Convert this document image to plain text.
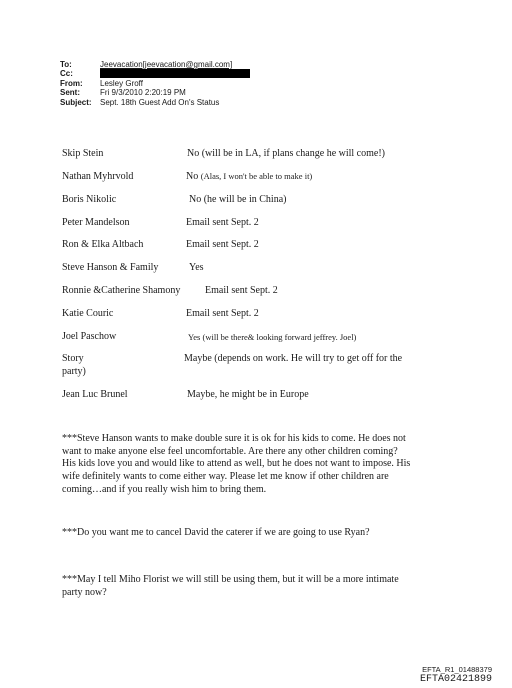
To:	Jeevacation[jeevacation@gmail.com]
Cc:
From:	Lesley Groff
Sent:	Fri 9/3/2010 2:20:19 PM
Subject:	Sept. 18th Guest Add On's Status
Skip Stein	No (will be in LA, if plans change he will come!)
Nathan Myhrvold	No (Alas, I won't be able to make it)
Boris Nikolic	No (he will be in China)
Peter Mandelson	Email sent Sept. 2
Ron & Elka Altbach	Email sent Sept. 2
Steve Hanson & Family	Yes
Ronnie &Catherine Shamony Email sent Sept. 2
Katie Couric	Email sent Sept. 2
Joel Paschow	Yes (will be there& looking forward jeffrey. Joel)
Story	Maybe (depends on work. He will try to get off for the
party)
Jean Luc Brunel	Maybe, he might be in Europe
***Steve Hanson wants to make double sure it is ok for his kids to come. He does not
want to make anyone else feel uncomfortable. Are there any other children coming?
His kids love you and would like to attend as well, but he does not want to impose. His
wife definitely wants to come either way. Please let me know if other children are
coming…and if you really wish him to bring them.
***Do you want me to cancel David the caterer if we are going to use Ryan?
***May I tell Miho Florist we will still be using them, but it will be a more intimate
party now?
EFTA_R1_01488379
EFTA02421899
